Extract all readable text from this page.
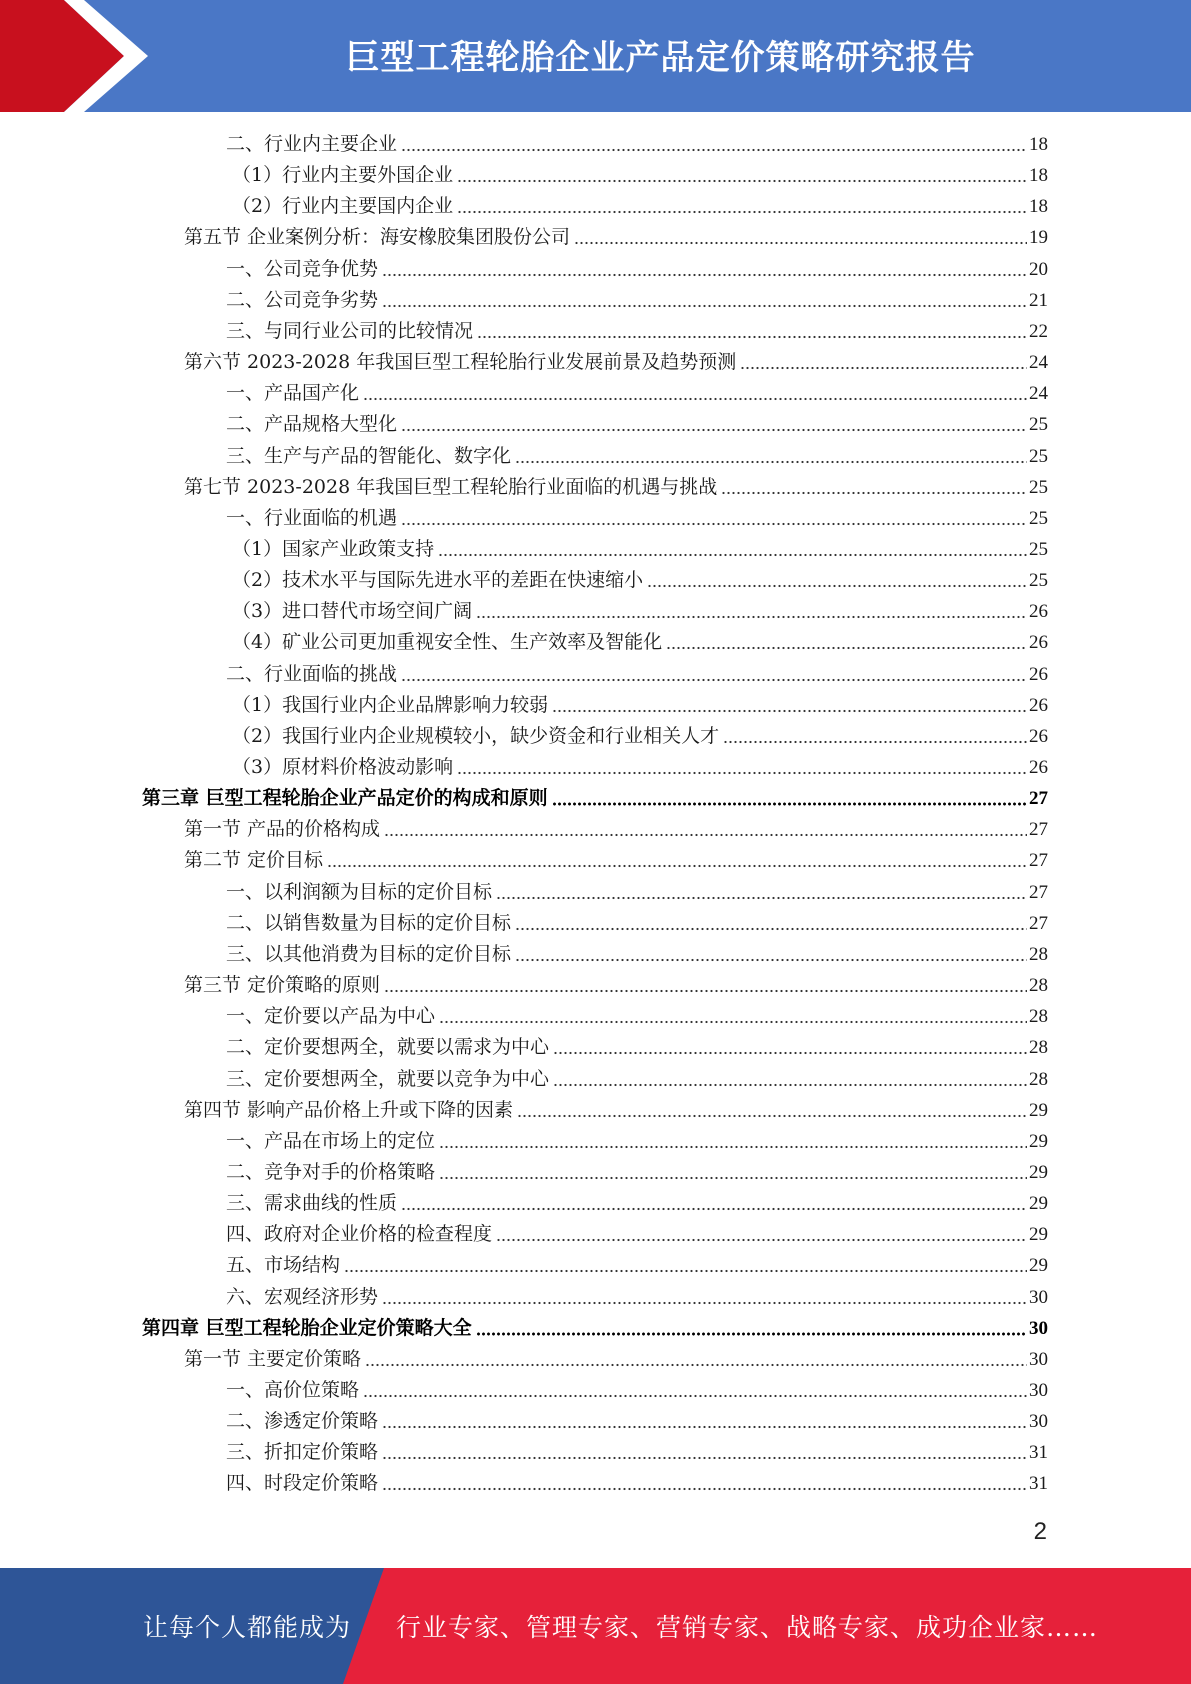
巨型工程轮胎企业产品定价策略研究报告
二、行业内主要企业	18
（1）行业内主要外国企业	18
（2）行业内主要国内企业	18
第五节 企业案例分析：海安橡胶集团股份公司	19
一、公司竞争优势	20
二、公司竞争劣势	21
三、与同行业公司的比较情况	22
第六节 2023-2028 年我国巨型工程轮胎行业发展前景及趋势预测	24
一、产品国产化	24
二、产品规格大型化	25
三、生产与产品的智能化、数字化	25
第七节 2023-2028 年我国巨型工程轮胎行业面临的机遇与挑战	25
一、行业面临的机遇	25
（1）国家产业政策支持	25
（2）技术水平与国际先进水平的差距在快速缩小	25
（3）进口替代市场空间广阔	26
（4）矿业公司更加重视安全性、生产效率及智能化	26
二、行业面临的挑战	26
（1）我国行业内企业品牌影响力较弱	26
（2）我国行业内企业规模较小，缺少资金和行业相关人才	26
（3）原材料价格波动影响	26
第三章 巨型工程轮胎企业产品定价的构成和原则	27
第一节 产品的价格构成	27
第二节 定价目标	27
一、以利润额为目标的定价目标	27
二、以销售数量为目标的定价目标	27
三、以其他消费为目标的定价目标	28
第三节 定价策略的原则	28
一、定价要以产品为中心	28
二、定价要想两全，就要以需求为中心	28
三、定价要想两全，就要以竞争为中心	28
第四节 影响产品价格上升或下降的因素	29
一、产品在市场上的定位	29
二、竞争对手的价格策略	29
三、需求曲线的性质	29
四、政府对企业价格的检查程度	29
五、市场结构	29
六、宏观经济形势	30
第四章 巨型工程轮胎企业定价策略大全	30
第一节 主要定价策略	30
一、高价位策略	30
二、渗透定价策略	30
三、折扣定价策略	31
四、时段定价策略	31
2
让每个人都能成为 行业专家、管理专家、营销专家、战略专家、成功企业家……
